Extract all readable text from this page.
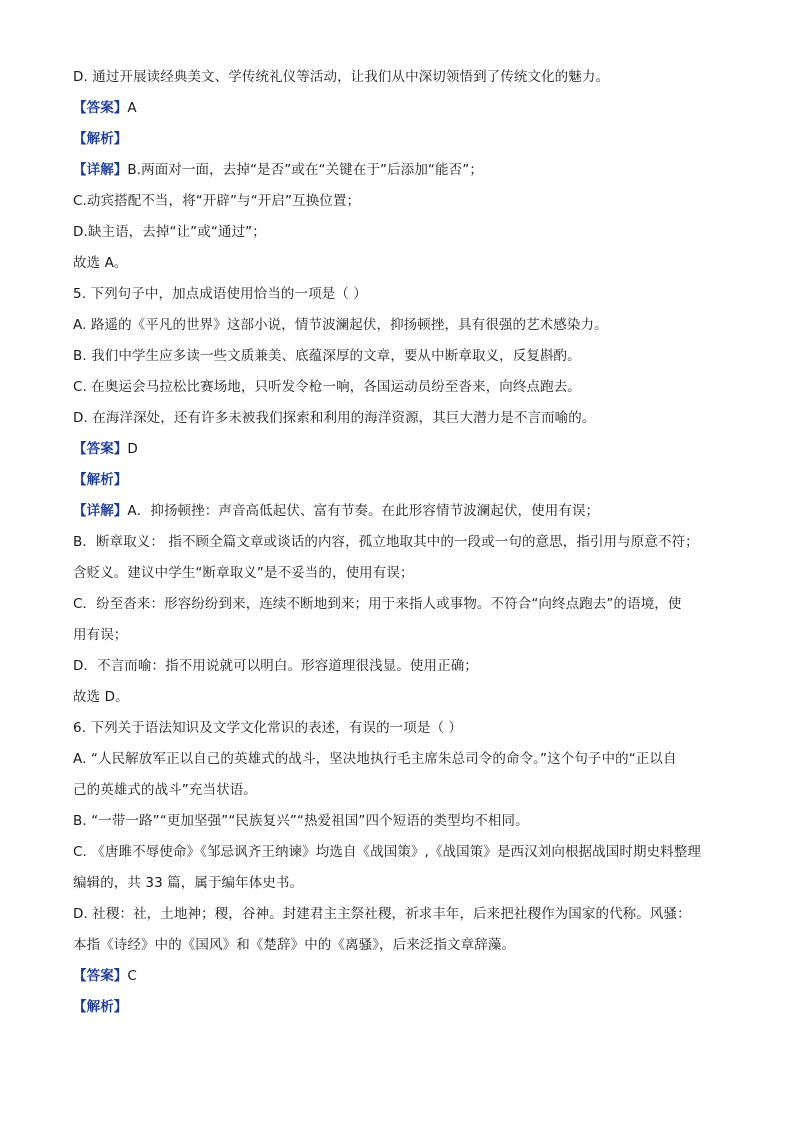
D. 通过开展读经典美文、学传统礼仪等活动，让我们从中深切领悟到了传统文化的魅力。
【答案】A
【解析】
【详解】B.两面对一面，去掉“是否”或在“关键在于”后添加“能否”；
C.动宾搭配不当，将“开辟”与“开启”互换位置；
D.缺主语，去掉“让”或“通过”；
故选 A。
5. 下列句子中，加点成语使用恰当的一项是（ ）
A. 路遥的《平凡的世界》这部小说，情节波澜起伏，抑扬顿挫，具有很强的艺术感染力。
B. 我们中学生应多读一些文质兼美、底蕴深厚的文章，要从中断章取义，反复斟酌。
C. 在奥运会马拉松比赛场地，只听发令枪一响，各国运动员纷至沓来，向终点跑去。
D. 在海洋深处，还有许多未被我们探索和利用的海洋资源，其巨大潜力是不言而喻的。
【答案】D
【解析】
【详解】A．抑扬顿挫：声音高低起伏、富有节奏。在此形容情节波澜起伏，使用有误；
B．断章取义： 指不顾全篇文章或谈话的内容，孤立地取其中的一段或一句的意思，指引用与原意不符；
含贬义。建议中学生“断章取义”是不妥当的，使用有误；
C．纷至沓来：形容纷纷到来，连续不断地到来；用于来指人或事物。不符合“向终点跑去”的语境，使
用有误；
D．不言而喻：指不用说就可以明白。形容道理很浅显。使用正确；
故选 D。
6. 下列关于语法知识及文学文化常识的表述，有误的一项是（ ）
A. “人民解放军正以自己的英雄式的战斗，坚决地执行毛主席朱总司令的命令。”这个句子中的“正以自
己的英雄式的战斗”充当状语。
B. “一带一路”“更加坚强”“民族复兴”“热爱祖国”四个短语的类型均不相同。
C. 《唐雎不辱使命》《邹忌讽齐王纳谏》均选自《战国策》,《战国策》是西汉刘向根据战国时期史料整理
编辑的，共 33 篇，属于编年体史书。
D. 社稷：社，土地神；稷，谷神。封建君主主祭社稷，祈求丰年，后来把社稷作为国家的代称。风骚：
本指《诗经》中的《国风》和《楚辞》中的《离骚》，后来泛指文章辞藻。
【答案】C
【解析】
